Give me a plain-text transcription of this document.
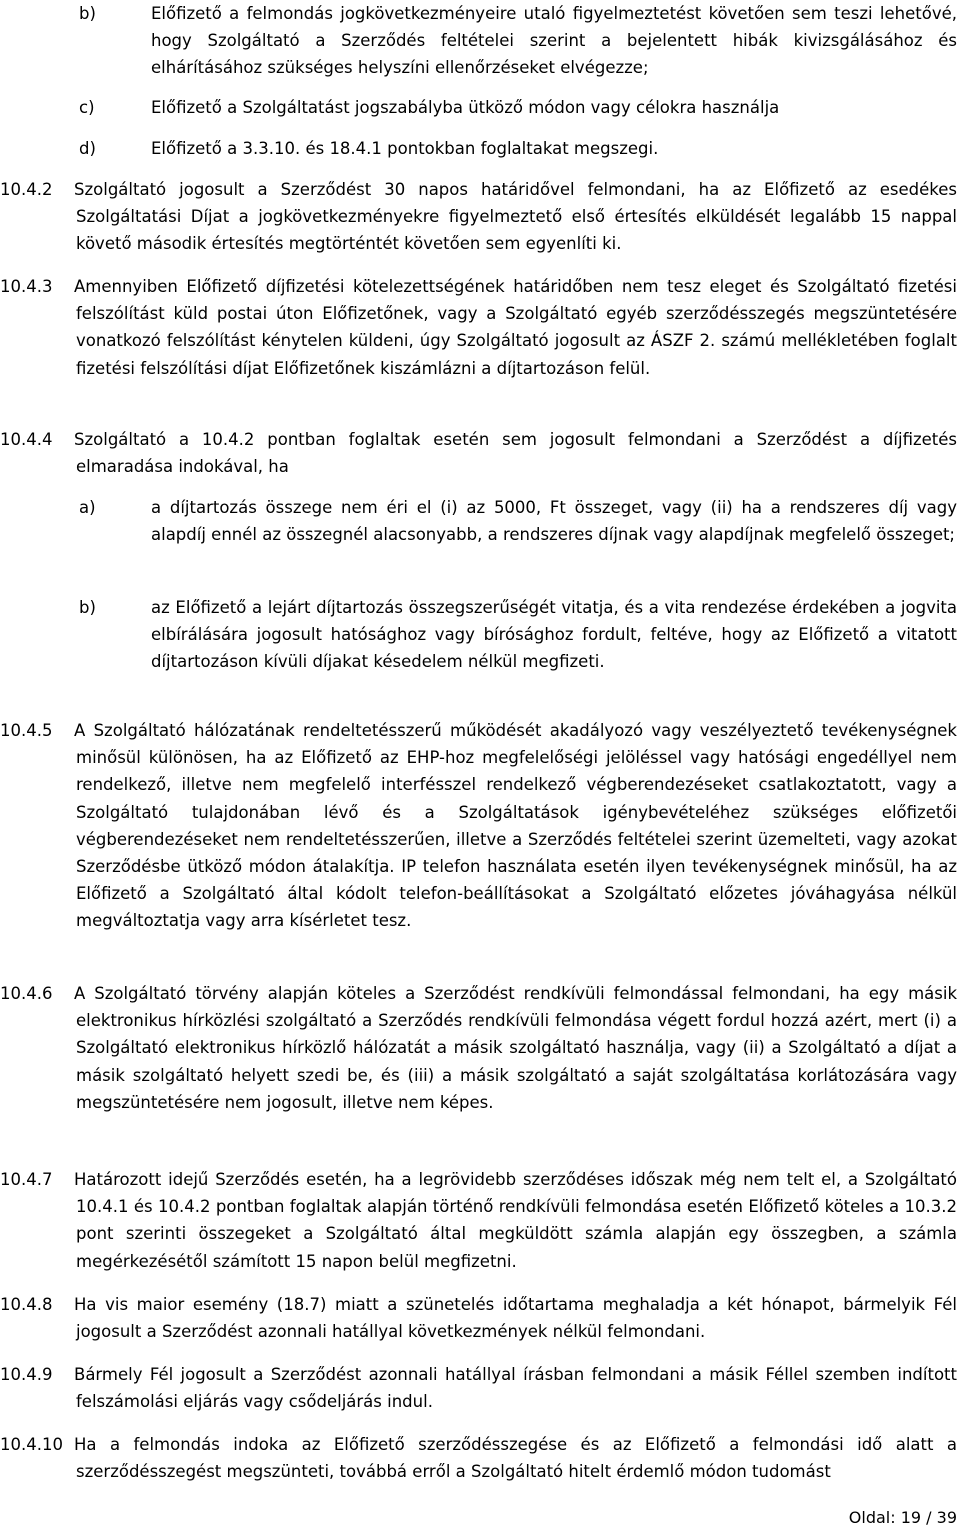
b)	Előfizető a felmondás jogkövetkezményeire utaló figyelmeztetést követően sem teszi lehetővé, hogy Szolgáltató a Szerződés feltételei szerint a bejelentett hibák kivizsgálásához és elhárításához szükséges helyszíni ellenőrzéseket elvégezze;
c)	Előfizető a Szolgáltatást jogszabályba ütköző módon vagy célokra használja
d)	Előfizető a 3.3.10. és 18.4.1 pontokban foglaltakat megszegi.
10.4.2 Szolgáltató jogosult a Szerződést 30 napos határidővel felmondani, ha az Előfizető az esedékes Szolgáltatási Díjat a jogkövetkezményekre figyelmeztető első értesítés elküldését legalább 15 nappal követő második értesítés megtörténtét követően sem egyenlíti ki.
10.4.3 Amennyiben Előfizető díjfizetési kötelezettségének határidőben nem tesz eleget és Szolgáltató fizetési felszólítást küld postai úton Előfizetőnek, vagy a Szolgáltató egyéb szerződésszegés megszüntetésére vonatkozó felszólítást kénytelen küldeni, úgy Szolgáltató jogosult az ÁSZF 2. számú mellékletében foglalt fizetési felszólítási díjat Előfizetőnek kiszámlázni a díjtartozáson felül.
10.4.4 Szolgáltató a 10.4.2 pontban foglaltak esetén sem jogosult felmondani a Szerződést a díjfizetés elmaradása indokával, ha
a)	a díjtartozás összege nem éri el (i) az 5000, Ft összeget, vagy (ii) ha a rendszeres díj vagy alapdíj ennél az összegnél alacsonyabb, a rendszeres díjnak vagy alapdíjnak megfelelő összeget;
b)	az Előfizető a lejárt díjtartozás összegszerűségét vitatja, és a vita rendezése érdekében a jogvita elbírálására jogosult hatósághoz vagy bírósághoz fordult, feltéve, hogy az Előfizető a vitatott díjtartozáson kívüli díjakat késedelem nélkül megfizeti.
10.4.5 A Szolgáltató hálózatának rendeltetésszerű működését akadályozó vagy veszélyeztető tevékenységnek minősül különösen, ha az Előfizető az EHP-hoz megfelelőségi jelöléssel vagy hatósági engedéllyel nem rendelkező, illetve nem megfelelő interfésszel rendelkező végberendezéseket csatlakoztatott, vagy a Szolgáltató tulajdonában lévő és a Szolgáltatások igénybevételéhez szükséges előfizetői végberendezéseket nem rendeltetésszerűen, illetve a Szerződés feltételei szerint üzemelteti, vagy azokat Szerződésbe ütköző módon átalakítja. IP telefon használata esetén ilyen tevékenységnek minősül, ha az Előfizető a Szolgáltató által kódolt telefon-beállításokat a Szolgáltató előzetes jóváhagyása nélkül megváltoztatja vagy arra kísérletet tesz.
10.4.6 A Szolgáltató törvény alapján köteles a Szerződést rendkívüli felmondással felmondani, ha egy másik elektronikus hírközlési szolgáltató a Szerződés rendkívüli felmondása végett fordul hozzá azért, mert (i) a Szolgáltató elektronikus hírközlő hálózatát a másik szolgáltató használja, vagy (ii) a Szolgáltató a díjat a másik szolgáltató helyett szedi be, és (iii) a másik szolgáltató a saját szolgáltatása korlátozására vagy megszüntetésére nem jogosult, illetve nem képes.
10.4.7 Határozott idejű Szerződés esetén, ha a legrövidebb szerződéses időszak még nem telt el, a Szolgáltató 10.4.1 és 10.4.2 pontban foglaltak alapján történő rendkívüli felmondása esetén Előfizető köteles a 10.3.2 pont szerinti összegeket a Szolgáltató által megküldött számla alapján egy összegben, a számla megérkezésétől számított 15 napon belül megfizetni.
10.4.8 Ha vis maior esemény (18.7) miatt a szünetelés időtartama meghaladja a két hónapot, bármelyik Fél jogosult a Szerződést azonnali hatállyal következmények nélkül felmondani.
10.4.9 Bármely Fél jogosult a Szerződést azonnali hatállyal írásban felmondani a másik Féllel szemben indított felszámolási eljárás vagy csődeljárás indul.
10.4.10 Ha a felmondás indoka az Előfizető szerződésszegése és az Előfizető a felmondási idő alatt a szerződésszegést megszünteti, továbbá erről a Szolgáltató hitelt érdemlő módon tudomást
Oldal: 19 / 39
